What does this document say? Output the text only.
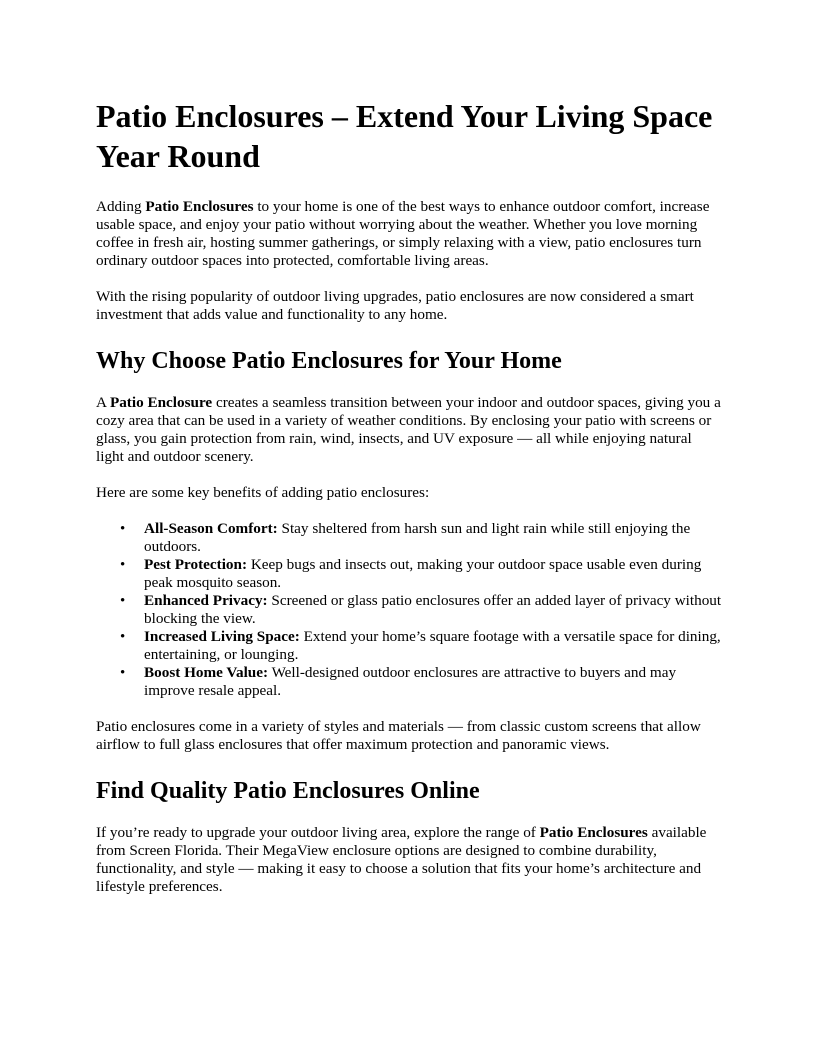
Patio Enclosures – Extend Your Living Space Year Round

Adding Patio Enclosures to your home is one of the best ways to enhance outdoor comfort, increase usable space, and enjoy your patio without worrying about the weather. Whether you love morning coffee in fresh air, hosting summer gatherings, or simply relaxing with a view, patio enclosures turn ordinary outdoor spaces into protected, comfortable living areas.

With the rising popularity of outdoor living upgrades, patio enclosures are now considered a smart investment that adds value and functionality to any home.

Why Choose Patio Enclosures for Your Home

A Patio Enclosure creates a seamless transition between your indoor and outdoor spaces, giving you a cozy area that can be used in a variety of weather conditions. By enclosing your patio with screens or glass, you gain protection from rain, wind, insects, and UV exposure — all while enjoying natural light and outdoor scenery.

Here are some key benefits of adding patio enclosures:

• All-Season Comfort: Stay sheltered from harsh sun and light rain while still enjoying the outdoors.
• Pest Protection: Keep bugs and insects out, making your outdoor space usable even during peak mosquito season.
• Enhanced Privacy: Screened or glass patio enclosures offer an added layer of privacy without blocking the view.
• Increased Living Space: Extend your home’s square footage with a versatile space for dining, entertaining, or lounging.
• Boost Home Value: Well-designed outdoor enclosures are attractive to buyers and may improve resale appeal.

Patio enclosures come in a variety of styles and materials — from classic custom screens that allow airflow to full glass enclosures that offer maximum protection and panoramic views.

Find Quality Patio Enclosures Online

If you’re ready to upgrade your outdoor living area, explore the range of Patio Enclosures available from Screen Florida. Their MegaView enclosure options are designed to combine durability, functionality, and style — making it easy to choose a solution that fits your home’s architecture and lifestyle preferences.
